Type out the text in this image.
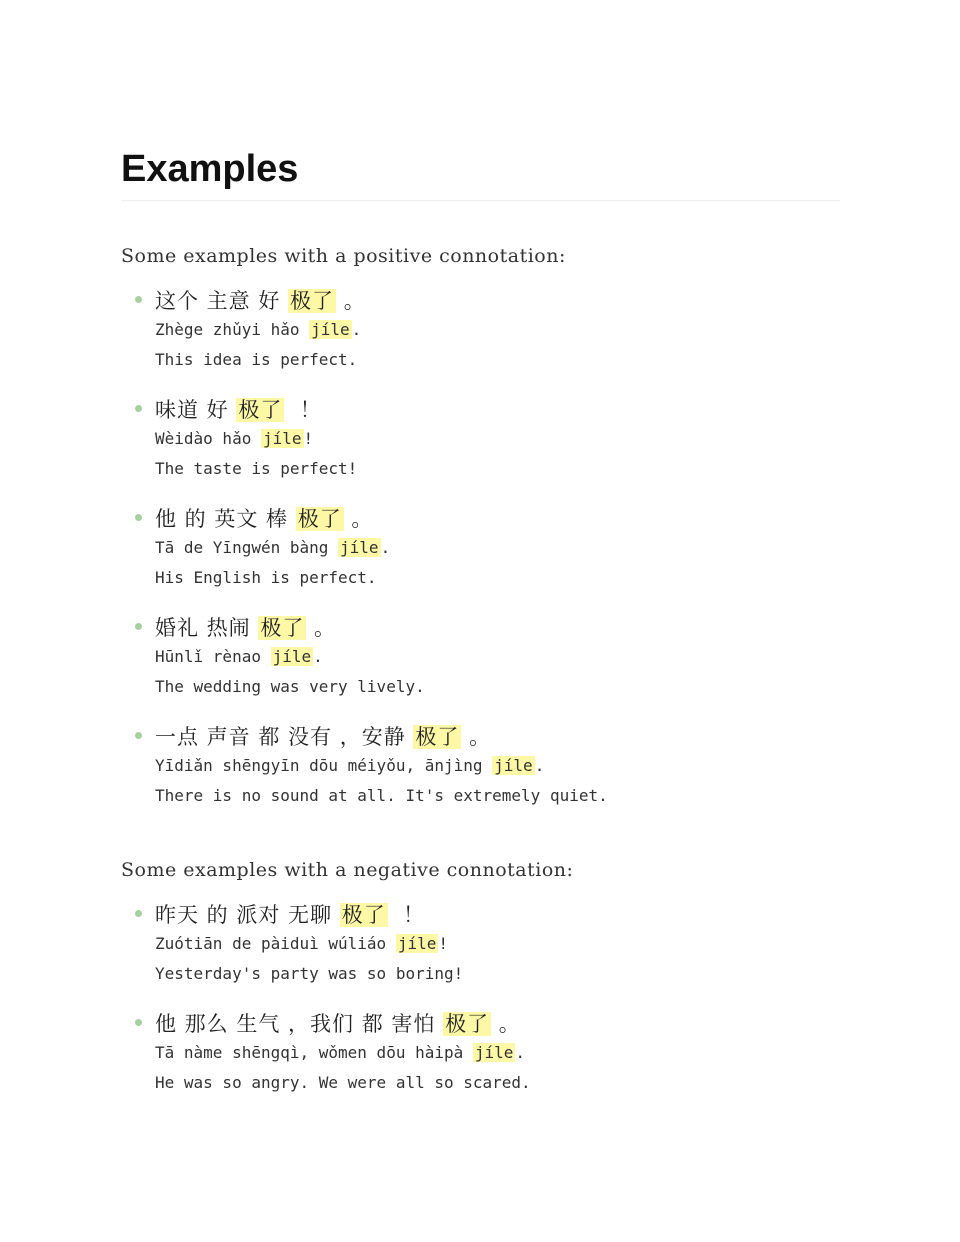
Examples

Some examples with a positive connotation:

这个 主意 好 极了 。
Zhège zhǔyi hǎo jíle .
This idea is perfect.
味道 好 极了  ！
Wèidào hǎo jíle !
The taste is perfect!
他 的 英文 棒 极了 。
Tā de Yīngwén bàng jíle .
His English is perfect.
婚礼 热闹 极了 。
Hūnlǐ rènao jíle .
The wedding was very lively.
一点 声音 都 没有 ，安静 极了 。
Yīdiǎn shēngyīn dōu méiyǒu, ānjìng jíle .
There is no sound at all. It's extremely quiet.

Some examples with a negative connotation:

昨天 的 派对 无聊 极了  ！
Zuótiān de pàiduì wúliáo jíle !
Yesterday's party was so boring!
他 那么 生气 ，我们 都 害怕 极了 。
Tā nàme shēngqì, wǒmen dōu hàipà jíle .
He was so angry. We were all so scared.
